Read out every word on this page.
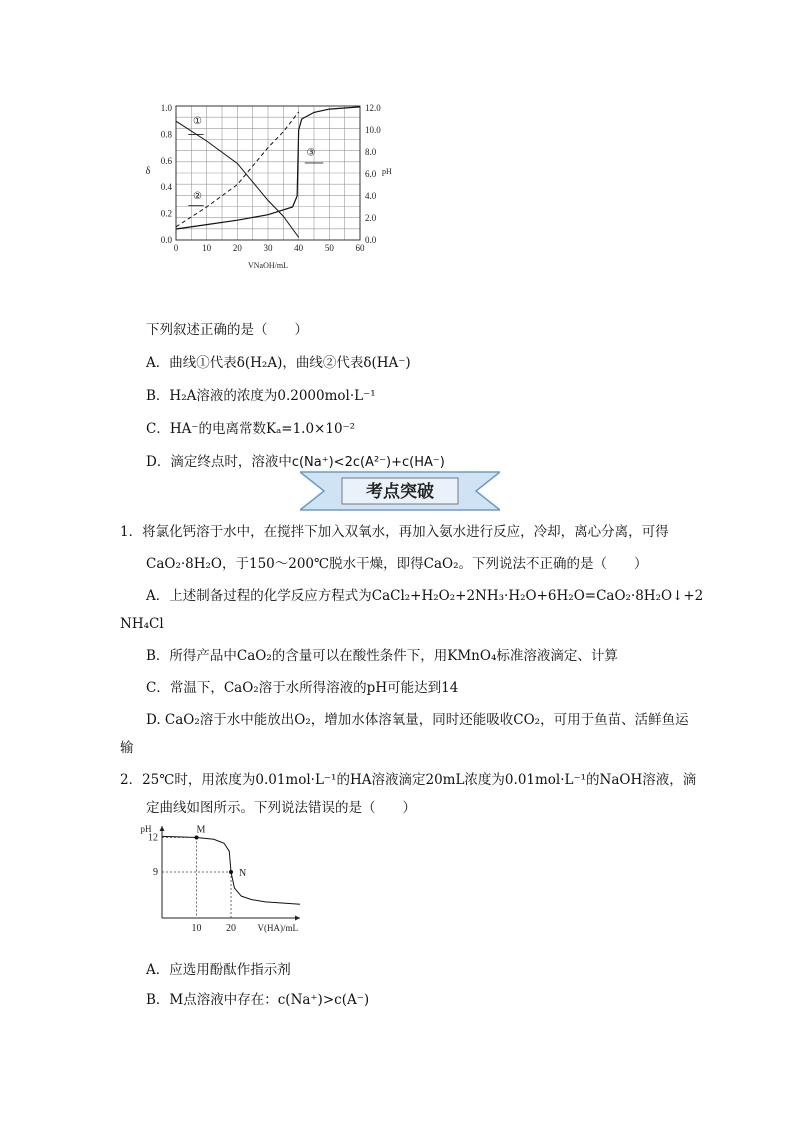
①
②
③
0	10 20 30 40 50 60
0.0
0.2
0.4
0.6
0.8
1.0
0.0
2.0
4.0
6.0
8.0
10.0
12.0
δ	pH
VNaOH/mL
下列叙述正确的是（　　）
A．曲线①代表δ(H₂A)，曲线②代表δ(HA⁻)
B．H₂A溶液的浓度为0.2000mol·L⁻¹
C．HA⁻的电离常数Kₐ=1.0×10⁻²
D．滴定终点时，溶液中c(Na⁺)<2c(A²⁻)+c(HA⁻)
考点突破
1．将氯化钙溶于水中，在搅拌下加入双氧水，再加入氨水进行反应，冷却，离心分离，可得
CaO₂·8H₂O，于150～200℃脱水干燥，即得CaO₂。下列说法不正确的是（　　）
A．上述制备过程的化学反应方程式为CaCl₂+H₂O₂+2NH₃·H₂O+6H₂O=CaO₂·8H₂O↓+2
NH₄Cl
B．所得产品中CaO₂的含量可以在酸性条件下，用KMnO₄标准溶液滴定、计算
C．常温下，CaO₂溶于水所得溶液的pH可能达到14
D. CaO₂溶于水中能放出O₂，增加水体溶氧量，同时还能吸收CO₂，可用于鱼苗、活鲜鱼运
输
2．25℃时，用浓度为0.01mol·L⁻¹的HA溶液滴定20mL浓度为0.01mol·L⁻¹的NaOH溶液，滴
定曲线如图所示。下列说法错误的是（　　）
M
N
9
12
10 20
pH
V(HA)/mL
A．应选用酚酞作指示剂
B．M点溶液中存在：c(Na⁺)>c(A⁻)
